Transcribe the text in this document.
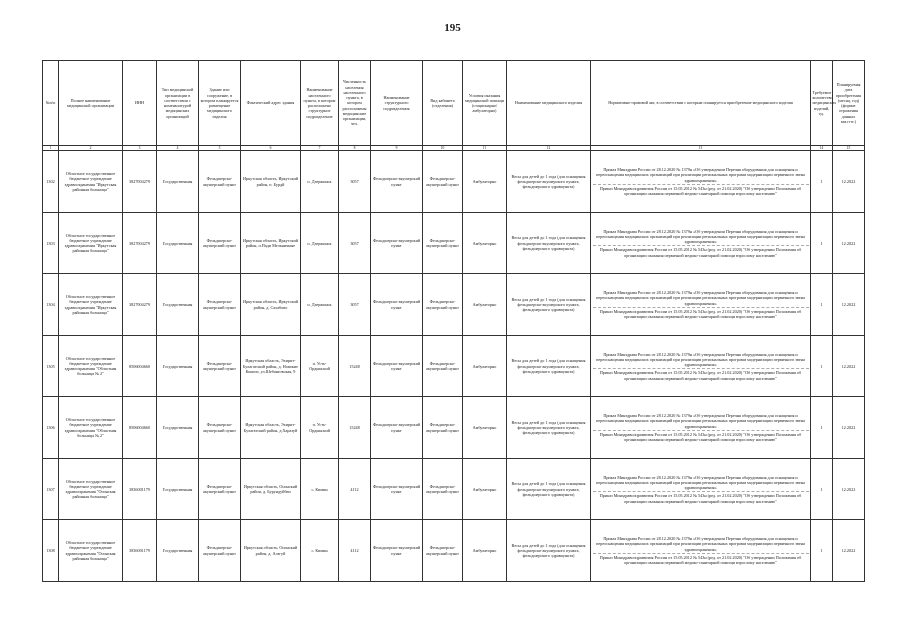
195
№п/п	Полное наименование медицинской организации	ИНН	Тип медицинской организации в соответствии с номенклатурой медицинских организаций	Здание или сооружение, в котором планируется размещение медицинского изделия	Фактический адрес здания	Наименование населенного пункта, в котором расположено структурное подразделение	Численность населения населенного пункта, в котором расположены медицинские организации, чел.	Наименование структурного подразделения	Вид кабинета (отделения)	Условия оказания медицинской помощи (стационарно/амбулаторно)	Наименование медицинского изделия	Нормативно-правовой акт, в соответствии с которым планируется приобретение медицинского изделия	Требуемое количество медицинских изделий, ед.	Планируемая дата приобретения (месяц, год) (формат отражения данных мм.гггг.)
1	2	3	4	5	6	7	8	9	10	11	12	13	14	15
1302	Областное государственное бюджетное учреждение здравоохранения "Иркутская районная больница"	3827004279	Государственная	Фельдшерско-акушерский пункт	Иркутская область, Иркутский район, п. Бурдй	п. Дзержинск	3057	Фельдшерско-акушерский пункт	Фельдшерско-акушерский пункт	Амбулаторно	Весы для детей до 1 года (для оснащения фельдшерско-акушерского пункта, фельдшерского здравпункта)	Приказ Минздрава России от 28.12.2020 № 1379н «Об утверждении Перечня оборудования для оснащения и переоснащения медицинских организаций при реализации региональных программ модернизации первичного звена здравоохранения»
Приказ Минздравсоцразвития России от 15.05.2012 № 543н (ред. от 21.02.2020) "Об утверждении Положения об организации оказания первичной медико-санитарной помощи взрослому населению"	1	12.2022
1303	Областное государственное бюджетное учреждение здравоохранения "Иркутская районная больница"	3827004279	Государственная	Фельдшерско-акушерский пункт	Иркутская область, Иркутский район, п.Пади Мельничные	п. Дзержинск	3057	Фельдшерско-акушерский пункт	Фельдшерско-акушерский пункт	Амбулаторно	Весы для детей до 1 года (для оснащения фельдшерско-акушерского пункта, фельдшерского здравпункта)	Приказ Минздрава России от 28.12.2020 № 1379н «Об утверждении Перечня оборудования для оснащения и переоснащения медицинских организаций при реализации региональных программ модернизации первичного звена здравоохранения»
Приказ Минздравсоцразвития России от 15.05.2012 № 543н (ред. от 21.02.2020) "Об утверждении Положения об организации оказания первичной медико-санитарной помощи взрослому населению"	1	12.2022
1304	Областное государственное бюджетное учреждение здравоохранения "Иркутская районная больница"	3827004279	Государственная	Фельдшерско-акушерский пункт	Иркутская область, Иркутский район, д. Сахабово	п. Дзержинск	3057	Фельдшерско-акушерский пункт	Фельдшерско-акушерский пункт	Амбулаторно	Весы для детей до 1 года (для оснащения фельдшерско-акушерского пункта, фельдшерского здравпункта)	Приказ Минздрава России от 28.12.2020 № 1379н «Об утверждении Перечня оборудования для оснащения и переоснащения медицинских организаций при реализации региональных программ модернизации первичного звена здравоохранения»
Приказ Минздравсоцразвития России от 15.05.2012 № 543н (ред. от 21.02.2020) "Об утверждении Положения об организации оказания первичной медико-санитарной помощи взрослому населению"	1	12.2022
1305	Областное государственное бюджетное учреждение здравоохранения "Областная больница № 2"	8506004660	Государственная	Фельдшерско-акушерский пункт	Иркутская область, Эхирит-Булагатский район, д. Новокие Кокиги, ул.Шебанговская, 9	п. Усть-Ордынский	15248	Фельдшерско-акушерский пункт	Фельдшерско-акушерский пункт	Амбулаторно	Весы для детей до 1 года (для оснащения фельдшерско-акушерского пункта, фельдшерского здравпункта)	Приказ Минздрава России от 28.12.2020 № 1379н «Об утверждении Перечня оборудования для оснащения и переоснащения медицинских организаций при реализации региональных программ модернизации первичного звена здравоохранения»
Приказ Минздравсоцразвития России от 15.05.2012 № 543н (ред. от 21.02.2020) "Об утверждении Положения об организации оказания первичной медико-санитарной помощи взрослому населению"	1	12.2022
1306	Областное государственное бюджетное учреждение здравоохранения "Областная больница № 2"	8506004660	Государственная	Фельдшерско-акушерский пункт	Иркутская область, Эхирит-Булагатский район, д.Харазуй	п. Усть-Ордынский	15248	Фельдшерско-акушерский пункт	Фельдшерско-акушерский пункт	Амбулаторно	Весы для детей до 1 года (для оснащения фельдшерско-акушерского пункта, фельдшерского здравпункта)	Приказ Минздрава России от 28.12.2020 № 1379н «Об утверждении Перечня оборудования для оснащения и переоснащения медицинских организаций при реализации региональных программ модернизации первичного звена здравоохранения»
Приказ Минздравсоцразвития России от 15.05.2012 № 543н (ред. от 21.02.2020) "Об утверждении Положения об организации оказания первичной медико-санитарной помощи взрослому населению"	1	12.2022
1307	Областное государственное бюджетное учреждение здравоохранения "Осинская районная больница"	3836001179	Государственная	Фельдшерско-акушерский пункт	Иркутская область, Осинский район, д. Бурундуйбен	с. Кимин	4112	Фельдшерско-акушерский пункт	Фельдшерско-акушерский пункт	Амбулаторно	Весы для детей до 1 года (для оснащения фельдшерско-акушерского пункта, фельдшерского здравпункта)	Приказ Минздрава России от 28.12.2020 № 1379н «Об утверждении Перечня оборудования для оснащения и переоснащения медицинских организаций при реализации региональных программ модернизации первичного звена здравоохранения»
Приказ Минздравсоцразвития России от 15.05.2012 № 543н (ред. от 21.02.2020) "Об утверждении Положения об организации оказания первичной медико-санитарной помощи взрослому населению"	1	12.2022
1308	Областное государственное бюджетное учреждение здравоохранения "Осинская районная больница"	3836001179	Государственная	Фельдшерско-акушерский пункт	Иркутская область, Осинский район, д. Алзгуй	с. Кимин	4112	Фельдшерско-акушерский пункт	Фельдшерско-акушерский пункт	Амбулаторно	Весы для детей до 1 года (для оснащения фельдшерско-акушерского пункта, фельдшерского здравпункта)	Приказ Минздрава России от 28.12.2020 № 1379н «Об утверждении Перечня оборудования для оснащения и переоснащения медицинских организаций при реализации региональных программ модернизации первичного звена здравоохранения»
Приказ Минздравсоцразвития России от 15.05.2012 № 543н (ред. от 21.02.2020) "Об утверждении Положения об организации оказания первичной медико-санитарной помощи взрослому населению"	1	12.2022
